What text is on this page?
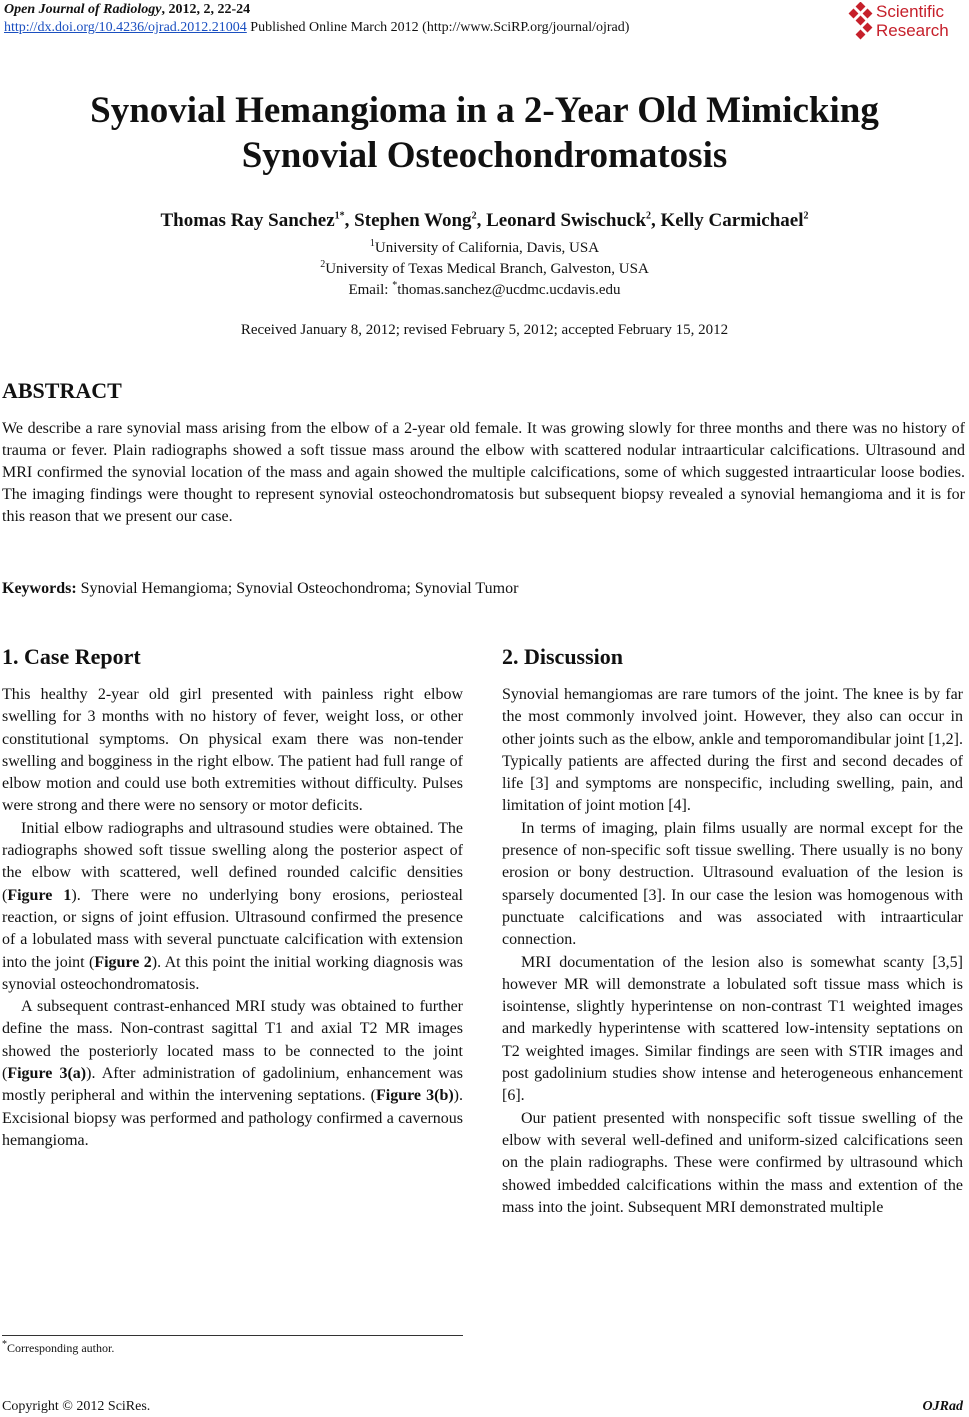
Open Journal of Radiology, 2012, 2, 22-24
http://dx.doi.org/10.4236/ojrad.2012.21004 Published Online March 2012 (http://www.SciRP.org/journal/ojrad)
Scientific
Research
Synovial Hemangioma in a 2-Year Old Mimicking
Synovial Osteochondromatosis
Thomas Ray Sanchez$^{1*}$, Stephen Wong$^2$, Leonard Swischuck$^2$, Kelly Carmichael$^2$
$^1$University of California, Davis, USA
$^2$University of Texas Medical Branch, Galveston, USA
Email: *thomas.sanchez@ucdmc.ucdavis.edu
Received January 8, 2012; revised February 5, 2012; accepted February 15, 2012
ABSTRACT

We describe a rare synovial mass arising from the elbow of a 2-year old female. It was growing slowly for three months and there was no history of trauma or fever. Plain radiographs showed a soft tissue mass around the elbow with scattered nodular intraarticular calcifications. Ultrasound and MRI confirmed the synovial location of the mass and again showed the multiple calcifications, some of which suggested intraarticular loose bodies. The imaging findings were thought to represent synovial osteochondromatosis but subsequent biopsy revealed a synovial hemangioma and it is for this reason that we present our case.

Keywords: Synovial Hemangioma; Synovial Osteochondroma; Synovial Tumor
1. Case Report

This healthy 2-year old girl presented with painless right elbow swelling for 3 months with no history of fever, weight loss, or other constitutional symptoms. On physical exam there was non-tender swelling and bogginess in the right elbow. The patient had full range of elbow motion and could use both extremities without difficulty. Pulses were strong and there were no sensory or motor deficits.

Initial elbow radiographs and ultrasound studies were obtained. The radiographs showed soft tissue swelling along the posterior aspect of the elbow with scattered, well defined rounded calcific densities (Figure 1). There were no underlying bony erosions, periosteal reaction, or signs of joint effusion. Ultrasound confirmed the presence of a lobulated mass with several punctuate calcification with extension into the joint (Figure 2). At this point the initial working diagnosis was synovial osteochondromatosis.

A subsequent contrast-enhanced MRI study was obtained to further define the mass. Non-contrast sagittal T1 and axial T2 MR images showed the posteriorly located mass to be connected to the joint (Figure 3(a)). After administration of gadolinium, enhancement was mostly peripheral and within the intervening septations. (Figure 3(b)). Excisional biopsy was performed and pathology confirmed a cavernous hemangioma.

*Corresponding author.
2. Discussion

Synovial hemangiomas are rare tumors of the joint. The knee is by far the most commonly involved joint. However, they also can occur in other joints such as the elbow, ankle and temporomandibular joint [1,2]. Typically patients are affected during the first and second decades of life [3] and symptoms are nonspecific, including swelling, pain, and limitation of joint motion [4].

In terms of imaging, plain films usually are normal except for the presence of non-specific soft tissue swelling. There usually is no bony erosion or bony destruction. Ultrasound evaluation of the lesion is sparsely documented [3]. In our case the lesion was homogenous with punctuate calcifications and was associated with intraarticular connection.

MRI documentation of the lesion also is somewhat scanty [3,5] however MR will demonstrate a lobulated soft tissue mass which is isointense, slightly hyperintense on non-contrast T1 weighted images and markedly hyperintense with scattered low-intensity septations on T2 weighted images. Similar findings are seen with STIR images and post gadolinium studies show intense and heterogeneous enhancement [6].

Our patient presented with nonspecific soft tissue swelling of the elbow with several well-defined and uniform-sized calcifications seen on the plain radiographs. These were confirmed by ultrasound which showed imbedded calcifications within the mass and extention of the mass into the joint. Subsequent MRI demonstrated multiple

Copyright © 2012 SciRes.	OJRad
